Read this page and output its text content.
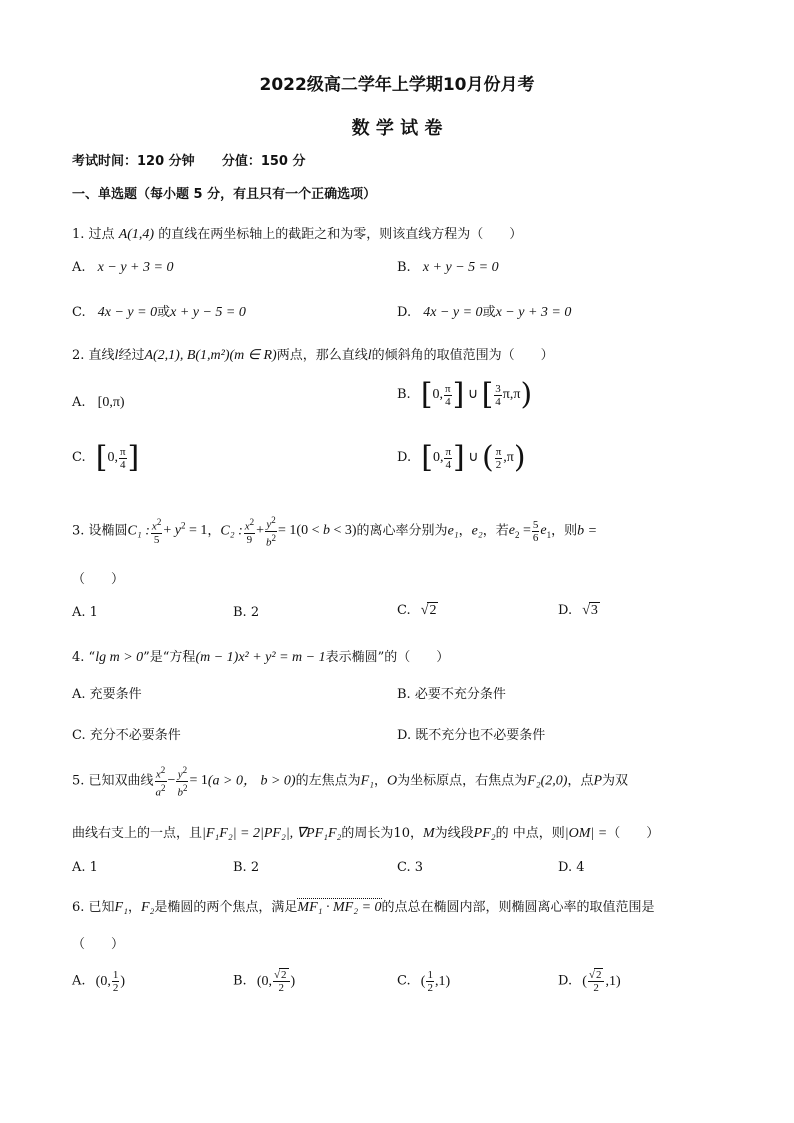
2022级高二学年上学期10月份月考
数 学 试 卷
考试时间：120 分钟      分值：150 分
一、单选题（每小题 5 分，有且只有一个正确选项）
1. 过点 A(1,4) 的直线在两坐标轴上的截距之和为零，则该直线方程为（　　）
A. x − y + 3 = 0	B. x + y − 5 = 0
C. 4x − y = 0或x + y − 5 = 0	D. 4x − y = 0或x − y + 3 = 0
2. 直线l经过A(2,1), B(1,m²)(m ∈ R)两点，那么直线l的倾斜角的取值范围为（　　）
A. [0,π)
B. [0, $\frac{\pi}{4}$ ] ∪ [ $\frac{3}{4} \pi,\pi$)
C. [0, $\frac{\pi}{4}$ ]	D. [0, $\frac{\pi}{4}$ ] ∪ ( $\frac{\pi}{2} ,\pi$)
3. 设椭圆C₁ : $\frac{x^2}{5} + y^2 = 1$，C₂ : $\frac{x^2}{9} + \frac{y^2}{b^2} = 1(0 < b < 3)$的离心率分别为e₁，e₂，若$e_2 = \frac{5}{6} e_1$，则b =
（　　）
A. 1	B. 2	C. √2	D. √3
4. “lg m > 0”是“方程(m − 1)x² + y² = m − 1表示椭圆”的（　　）
A. 充要条件	B. 必要不充分条件
C. 充分不必要条件	D. 既不充分也不必要条件
5. 已知双曲线 $\frac{x^2}{a^2} - \frac{y^2}{b^2} = 1(a > 0$， b > 0)的左焦点为F₁，O为坐标原点，右焦点为F₂(2,0)，点P为双
曲线右支上的一点，且|F₁F₂| = 2|PF₂|, ∇PF₁F₂的周长为10，M为线段PF₂的 中点，则|OM| =（　　）
A. 1	B. 2	C. 3	D. 4
6. 已知F₁，F₂是椭圆的两个焦点，满足MF₁ · MF₂ = 0的点总在椭圆内部，则椭圆离心率的取值范围是
（　　）
A. (0, $\frac{1}{2}$ )	B. (0, $\frac{√2}{2}$ )	C. ( $\frac{1}{2} ,1$)	D. ( $\frac{√2}{2} ,1$)
